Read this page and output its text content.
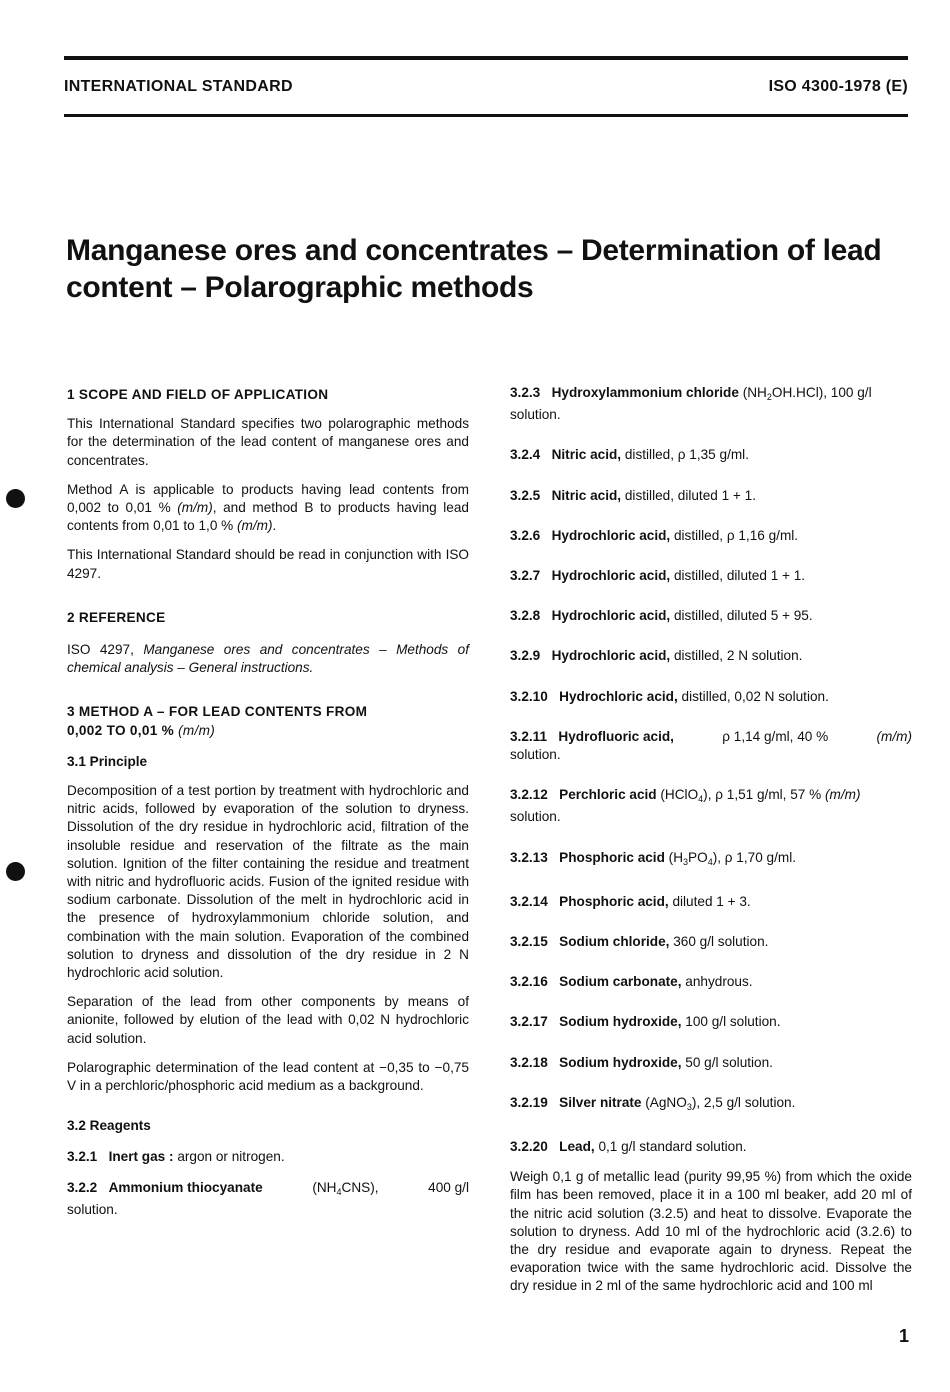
INTERNATIONAL STANDARD	ISO 4300-1978 (E)
Manganese ores and concentrates – Determination of lead
content – Polarographic methods

1 SCOPE AND FIELD OF APPLICATION

This International Standard specifies two polarographic methods for the determination of the lead content of manganese ores and concentrates.

Method A is applicable to products having lead contents from 0,002 to 0,01 % (m/m), and method B to products having lead contents from 0,01 to 1,0 % (m/m).

This International Standard should be read in conjunction with ISO 4297.

2 REFERENCE

ISO 4297, Manganese ores and concentrates – Methods of chemical analysis – General instructions.

3 METHOD A – FOR LEAD CONTENTS FROM
0,002 TO 0,01 % (m/m)

3.1 Principle

Decomposition of a test portion by treatment with hydrochloric and nitric acids, followed by evaporation of the solution to dryness. Dissolution of the dry residue in hydrochloric acid, filtration of the insoluble residue and reservation of the filtrate as the main solution. Ignition of the filter containing the residue and treatment with nitric and hydrofluoric acids. Fusion of the ignited residue with sodium carbonate. Dissolution of the melt in hydrochloric acid in the presence of hydroxylammonium chloride solution, and combination with the main solution. Evaporation of the combined solution to dryness and dissolution of the dry residue in 2 N hydrochloric acid solution.

Separation of the lead from other components by means of anionite, followed by elution of the lead with 0,02 N hydrochloric acid solution.

Polarographic determination of the lead content at −0,35 to −0,75 V in a perchloric/phosphoric acid medium as a background.

3.2 Reagents

3.2.1 Inert gas : argon or nitrogen.

3.2.2 Ammonium thiocyanate	$(NH_4CNS)$,	400 g/l

solution.

3.2.3 Hydroxylammonium chloride $(NH_2OH.HCl)$, 100 g/l
solution.

3.2.4 Nitric acid, distilled, ρ 1,35 g/ml.

3.2.5 Nitric acid, distilled, diluted 1 + 1.

3.2.6 Hydrochloric acid, distilled, ρ 1,16 g/ml.

3.2.7 Hydrochloric acid, distilled, diluted 1 + 1.

3.2.8 Hydrochloric acid, distilled, diluted 5 + 95.

3.2.9 Hydrochloric acid, distilled, 2 N solution.

3.2.10 Hydrochloric acid, distilled, 0,02 N solution.

3.2.11 Hydrofluoric acid,	ρ 1,14 g/ml, 40 %	(m/m)

solution.

3.2.12 Perchloric acid (HClO$_4$), ρ 1,51 g/ml, 57 % (m/m)
solution.

3.2.13 Phosphoric acid $(H_3PO_4)$, ρ 1,70 g/ml.

3.2.14 Phosphoric acid, diluted 1 + 3.

3.2.15 Sodium chloride, 360 g/l solution.

3.2.16 Sodium carbonate, anhydrous.

3.2.17 Sodium hydroxide, 100 g/l solution.

3.2.18 Sodium hydroxide, 50 g/l solution.

3.2.19 Silver nitrate (AgNO$_3$), 2,5 g/l solution.

3.2.20 Lead, 0,1 g/l standard solution.

Weigh 0,1 g of metallic lead (purity 99,95 %) from which the oxide film has been removed, place it in a 100 ml beaker, add 20 ml of the nitric acid solution (3.2.5) and heat to dissolve. Evaporate the solution to dryness. Add 10 ml of the hydrochloric acid (3.2.6) to the dry residue and evaporate again to dryness. Repeat the evaporation twice with the same hydrochloric acid. Dissolve the dry residue in 2 ml of the same hydrochloric acid and 100 ml

1
